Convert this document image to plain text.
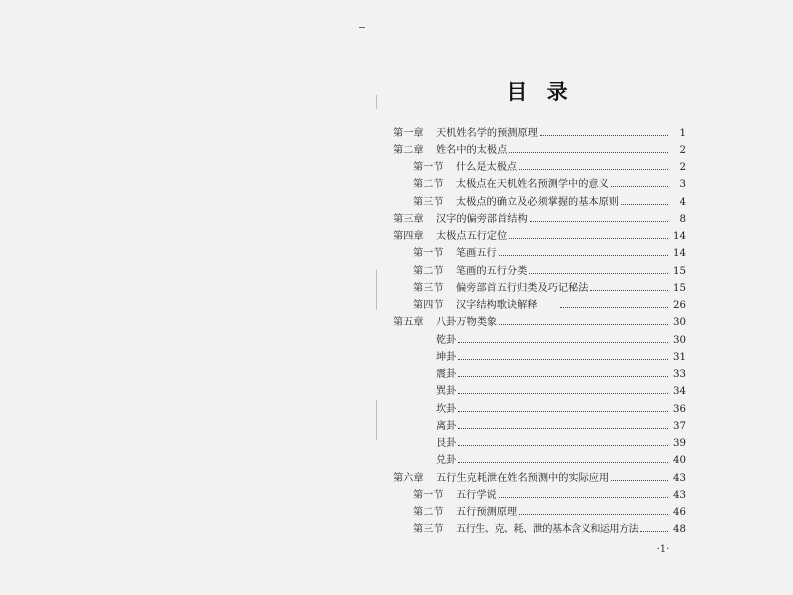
目 录
第一章	天机姓名学的预测原理	1
第二章	姓名中的太极点	2
第一节	什么是太极点	2
第二节	太极点在天机姓名预测学中的意义	3
第三节	太极点的确立及必须掌握的基本原则	4
第三章	汉字的偏旁部首结构	8
第四章	太极点五行定位	14
第一节	笔画五行	14
第二节	笔画的五行分类	15
第三节	偏旁部首五行归类及巧记秘法	15
第四节	汉字结构歌诀解释	26
第五章	八卦万物类象	30
乾卦	30
坤卦	31
震卦	33
巽卦	34
坎卦	36
离卦	37
艮卦	39
兑卦	40
第六章	五行生克耗泄在姓名预测中的实际应用	43
第一节	五行学说	43
第二节	五行预测原理	46
第三节	五行生、克、耗、泄的基本含义和运用方法	48
·1·
